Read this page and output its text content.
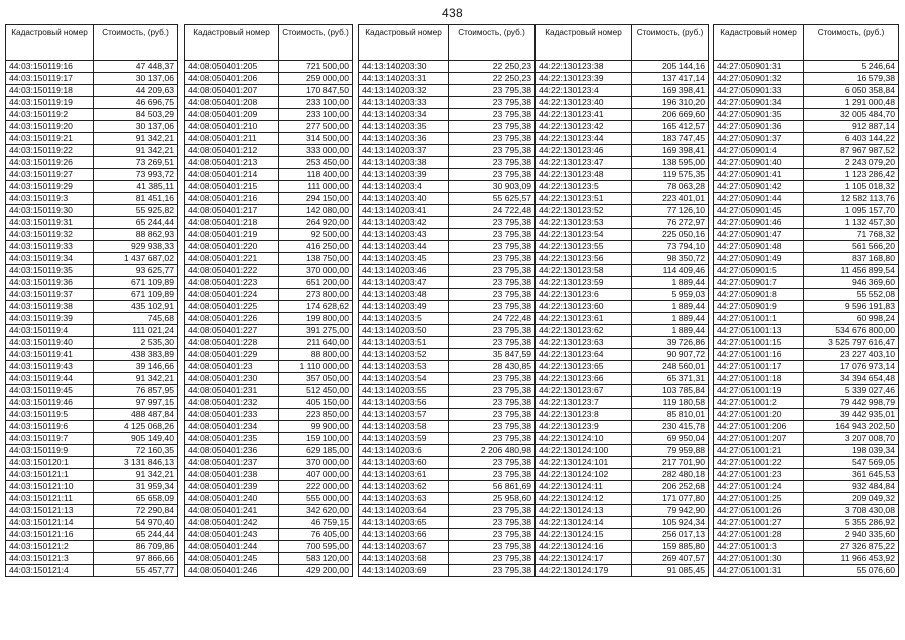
438
Кадастровый номер	Стоимость, (руб.)
44:03:150119:16	47 448,37
44:03:150119:17	30 137,06
44:03:150119:18	44 209,63
44:03:150119:19	46 696,75
44:03:150119:2	84 503,29
44:03:150119:20	30 137,06
44:03:150119:21	91 342,21
44:03:150119:22	91 342,21
44:03:150119:26	73 269,51
44:03:150119:27	73 993,72
44:03:150119:29	41 385,11
44:03:150119:3	81 451,16
44:03:150119:30	55 925,82
44:03:150119:31	65 244,44
44:03:150119:32	88 862,93
44:03:150119:33	929 938,33
44:03:150119:34	1 437 687,02
44:03:150119:35	93 625,77
44:03:150119:36	671 109,89
44:03:150119:37	671 109,89
44:03:150119:38	435 102,91
44:03:150119:39	745,68
44:03:150119:4	111 021,24
44:03:150119:40	2 535,30
44:03:150119:41	438 383,89
44:03:150119:43	39 146,66
44:03:150119:44	91 342,21
44:03:150119:45	76 857,95
44:03:150119:46	97 997,15
44:03:150119:5	488 487,84
44:03:150119:6	4 125 068,26
44:03:150119:7	905 149,40
44:03:150119:9	72 160,35
44:03:150120:1	3 131 846,13
44:03:150121:1	91 342,21
44:03:150121:10	31 959,34
44:03:150121:11	65 658,09
44:03:150121:13	72 290,84
44:03:150121:14	54 970,40
44:03:150121:16	65 244,44
44:03:150121:2	86 709,86
44:03:150121:3	97 866,66
44:03:150121:4	55 457,77
Кадастровый номер	Стоимость, (руб.)
44:08:050401:205	721 500,00
44:08:050401:206	259 000,00
44:08:050401:207	170 847,50
44:08:050401:208	233 100,00
44:08:050401:209	233 100,00
44:08:050401:210	277 500,00
44:08:050401:211	314 500,00
44:08:050401:212	333 000,00
44:08:050401:213	253 450,00
44:08:050401:214	118 400,00
44:08:050401:215	111 000,00
44:08:050401:216	294 150,00
44:08:050401:217	142 080,00
44:08:050401:218	264 920,00
44:08:050401:219	92 500,00
44:08:050401:220	416 250,00
44:08:050401:221	138 750,00
44:08:050401:222	370 000,00
44:08:050401:223	651 200,00
44:08:050401:224	273 800,00
44:08:050401:225	174 628,62
44:08:050401:226	199 800,00
44:08:050401:227	391 275,00
44:08:050401:228	211 640,00
44:08:050401:229	88 800,00
44:08:050401:23	1 110 000,00
44:08:050401:230	357 050,00
44:08:050401:231	512 450,00
44:08:050401:232	405 150,00
44:08:050401:233	223 850,00
44:08:050401:234	99 900,00
44:08:050401:235	159 100,00
44:08:050401:236	629 185,00
44:08:050401:237	370 000,00
44:08:050401:238	407 000,00
44:08:050401:239	222 000,00
44:08:050401:240	555 000,00
44:08:050401:241	342 620,00
44:08:050401:242	46 759,15
44:08:050401:243	76 405,00
44:08:050401:244	700 595,00
44:08:050401:245	583 120,00
44:08:050401:246	429 200,00
Кадастровый номер	Стоимость, (руб.)
44:13:140203:30	22 250,23
44:13:140203:31	22 250,23
44:13:140203:32	23 795,38
44:13:140203:33	23 795,38
44:13:140203:34	23 795,38
44:13:140203:35	23 795,38
44:13:140203:36	23 795,38
44:13:140203:37	23 795,38
44:13:140203:38	23 795,38
44:13:140203:39	23 795,38
44:13:140203:4	30 903,09
44:13:140203:40	55 625,57
44:13:140203:41	24 722,48
44:13:140203:42	23 795,38
44:13:140203:43	23 795,38
44:13:140203:44	23 795,38
44:13:140203:45	23 795,38
44:13:140203:46	23 795,38
44:13:140203:47	23 795,38
44:13:140203:48	23 795,38
44:13:140203:49	23 795,38
44:13:140203:5	24 722,48
44:13:140203:50	23 795,38
44:13:140203:51	23 795,38
44:13:140203:52	35 847,59
44:13:140203:53	28 430,85
44:13:140203:54	23 795,38
44:13:140203:55	23 795,38
44:13:140203:56	23 795,38
44:13:140203:57	23 795,38
44:13:140203:58	23 795,38
44:13:140203:59	23 795,38
44:13:140203:6	2 206 480,98
44:13:140203:60	23 795,38
44:13:140203:61	23 795,38
44:13:140203:62	56 861,69
44:13:140203:63	25 958,60
44:13:140203:64	23 795,38
44:13:140203:65	23 795,38
44:13:140203:66	23 795,38
44:13:140203:67	23 795,38
44:13:140203:68	23 795,38
44:13:140203:69	23 795,38
Кадастровый номер	Стоимость, (руб.)
44:22:130123:38	205 144,16
44:22:130123:39	137 417,14
44:22:130123:4	169 398,41
44:22:130123:40	196 310,20
44:22:130123:41	206 669,60
44:22:130123:42	165 412,57
44:22:130123:44	183 747,45
44:22:130123:46	169 398,41
44:22:130123:47	138 595,00
44:22:130123:48	119 575,35
44:22:130123:5	78 063,28
44:22:130123:51	223 401,01
44:22:130123:52	77 126,10
44:22:130123:53	76 272,97
44:22:130123:54	225 050,16
44:22:130123:55	73 794,10
44:22:130123:56	98 350,72
44:22:130123:58	114 409,46
44:22:130123:59	1 889,44
44:22:130123:6	5 959,03
44:22:130123:60	1 889,44
44:22:130123:61	1 889,44
44:22:130123:62	1 889,44
44:22:130123:63	39 726,86
44:22:130123:64	90 907,72
44:22:130123:65	248 560,01
44:22:130123:66	65 371,31
44:22:130123:67	103 785,84
44:22:130123:7	119 180,58
44:22:130123:8	85 810,01
44:22:130123:9	230 415,78
44:22:130124:10	69 950,04
44:22:130124:100	79 959,88
44:22:130124:101	217 701,90
44:22:130124:102	282 480,18
44:22:130124:11	206 252,68
44:22:130124:12	171 077,80
44:22:130124:13	79 942,90
44:22:130124:14	105 924,34
44:22:130124:15	256 017,13
44:22:130124:16	159 885,80
44:22:130124:17	269 407,57
44:22:130124:179	91 085,45
Кадастровый номер	Стоимость, (руб.)
44:27:050901:31	5 246,64
44:27:050901:32	16 579,38
44:27:050901:33	6 050 358,84
44:27:050901:34	1 291 000,48
44:27:050901:35	32 005 484,70
44:27:050901:36	912 887,14
44:27:050901:37	6 403 144,22
44:27:050901:4	87 967 987,52
44:27:050901:40	2 243 079,20
44:27:050901:41	1 123 286,42
44:27:050901:42	1 105 018,32
44:27:050901:44	12 582 113,76
44:27:050901:45	1 095 157,70
44:27:050901:46	1 132 457,30
44:27:050901:47	71 768,32
44:27:050901:48	561 566,20
44:27:050901:49	837 168,80
44:27:050901:5	11 456 899,54
44:27:050901:7	946 369,60
44:27:050901:8	55 552,08
44:27:050901:9	9 596 191,83
44:27:051001:1	60 998,24
44:27:051001:13	534 676 800,00
44:27:051001:15	3 525 797 616,47
44:27:051001:16	23 227 403,10
44:27:051001:17	17 076 973,14
44:27:051001:18	34 394 654,48
44:27:051001:19	5 339 027,46
44:27:051001:2	79 442 998,79
44:27:051001:20	39 442 935,01
44:27:051001:206	164 943 202,50
44:27:051001:207	3 207 008,70
44:27:051001:21	198 039,34
44:27:051001:22	547 569,05
44:27:051001:23	361 645,53
44:27:051001:24	932 484,84
44:27:051001:25	209 049,32
44:27:051001:26	3 708 430,08
44:27:051001:27	5 355 286,92
44:27:051001:28	2 940 335,60
44:27:051001:3	27 326 875,22
44:27:051001:30	11 966 453,92
44:27:051001:31	55 076,60
